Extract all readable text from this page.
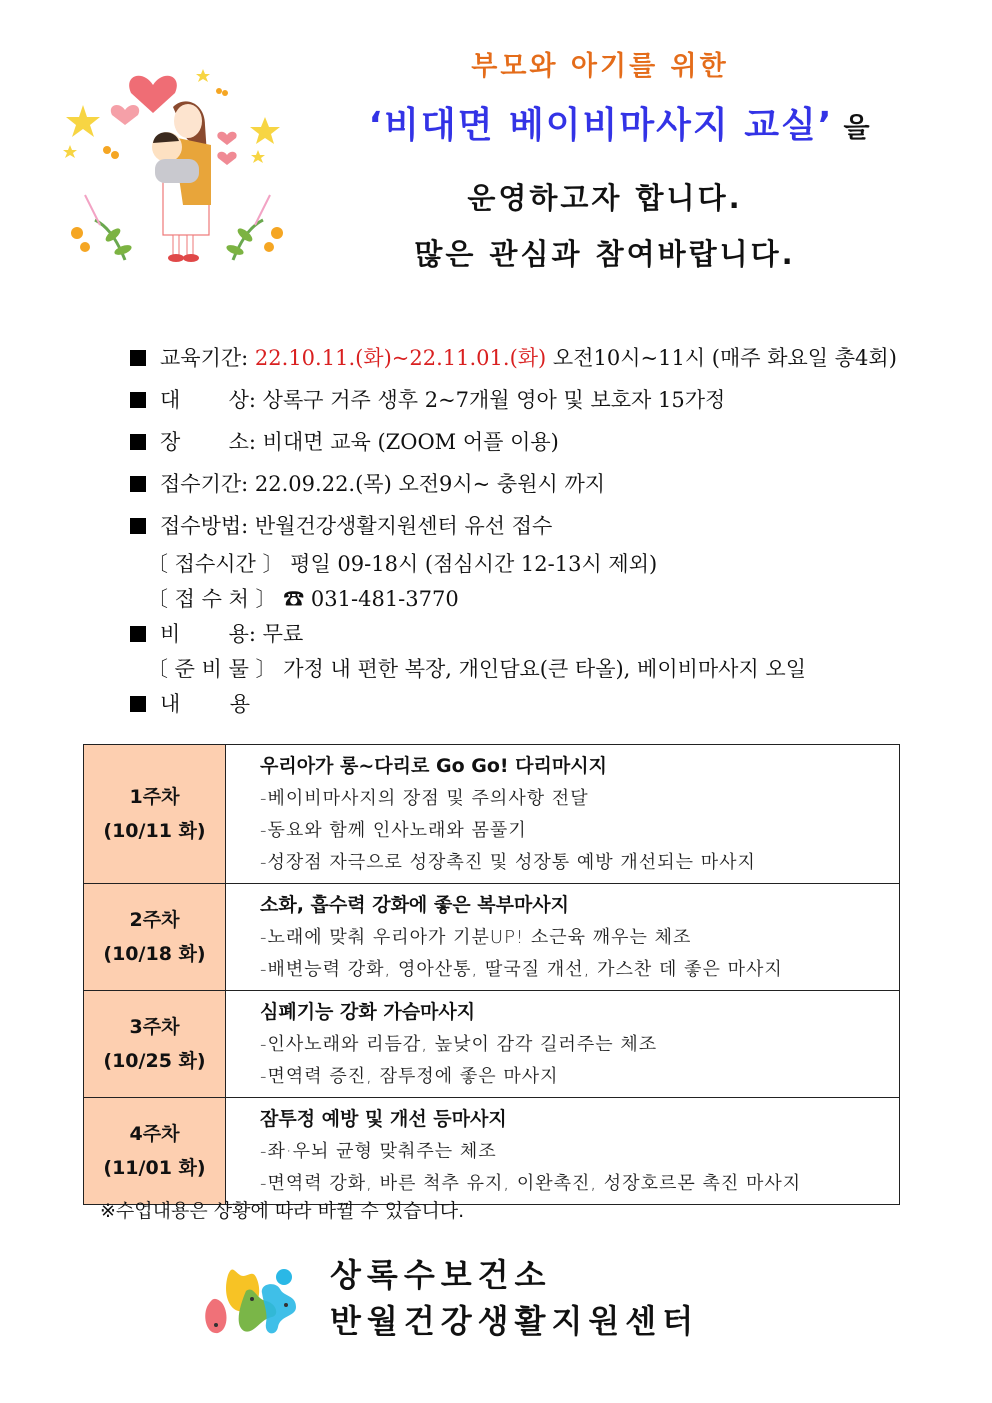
부모와 아기를 위한
‘비대면 베이비마사지 교실’ 을
운영하고자 합니다.
많은 관심과 참여바랍니다.
교육기간: 22.10.11.(화)~22.11.01.(화) 오전10시~11시 (매주 화요일 총4회)
대 상: 상록구 거주 생후 2~7개월 영아 및 보호자 15가정
장 소: 비대면 교육 (ZOOM 어플 이용)
접수기간: 22.09.22.(목) 오전9시~ 충원시 까지
접수방법: 반월건강생활지원센터 유선 접수
〔 접수시간 〕 평일 09-18시 (점심시간 12-13시 제외)
〔 접 수 처 〕 ☎ 031-481-3770
비 용: 무료
〔 준 비 물 〕 가정 내 편한 복장, 개인담요(큰 타올), 베이비마사지 오일
내 용
1주차
(10/11 화)

우리아가 롱~다리로 Go Go! 다리마시지
-베이비마사지의 장점 및 주의사항 전달
-동요와 함께 인사노래와 몸풀기
-성장점 자극으로 성장촉진 및 성장통 예방 개선되는 마사지

2주차
(10/18 화)

소화, 흡수력 강화에 좋은 복부마사지
-노래에 맞춰 우리아가 기분UP! 소근육 깨우는 체조
-배변능력 강화, 영아산통, 딸국질 개선, 가스찬 데 좋은 마사지

3주차
(10/25 화)

심폐기능 강화 가슴마사지
-인사노래와 리듬감, 높낮이 감각 길러주는 체조
-면역력 증진, 잠투정에 좋은 마사지

4주차
(11/01 화)

잠투정 예방 및 개선 등마사지
-좌·우뇌 균형 맞춰주는 체조
-면역력 강화, 바른 척추 유지, 이완촉진, 성장호르몬 촉진 마사지
※수업내용은 상황에 따라 바뀔 수 있습니다.
상록수보건소
반월건강생활지원센터
